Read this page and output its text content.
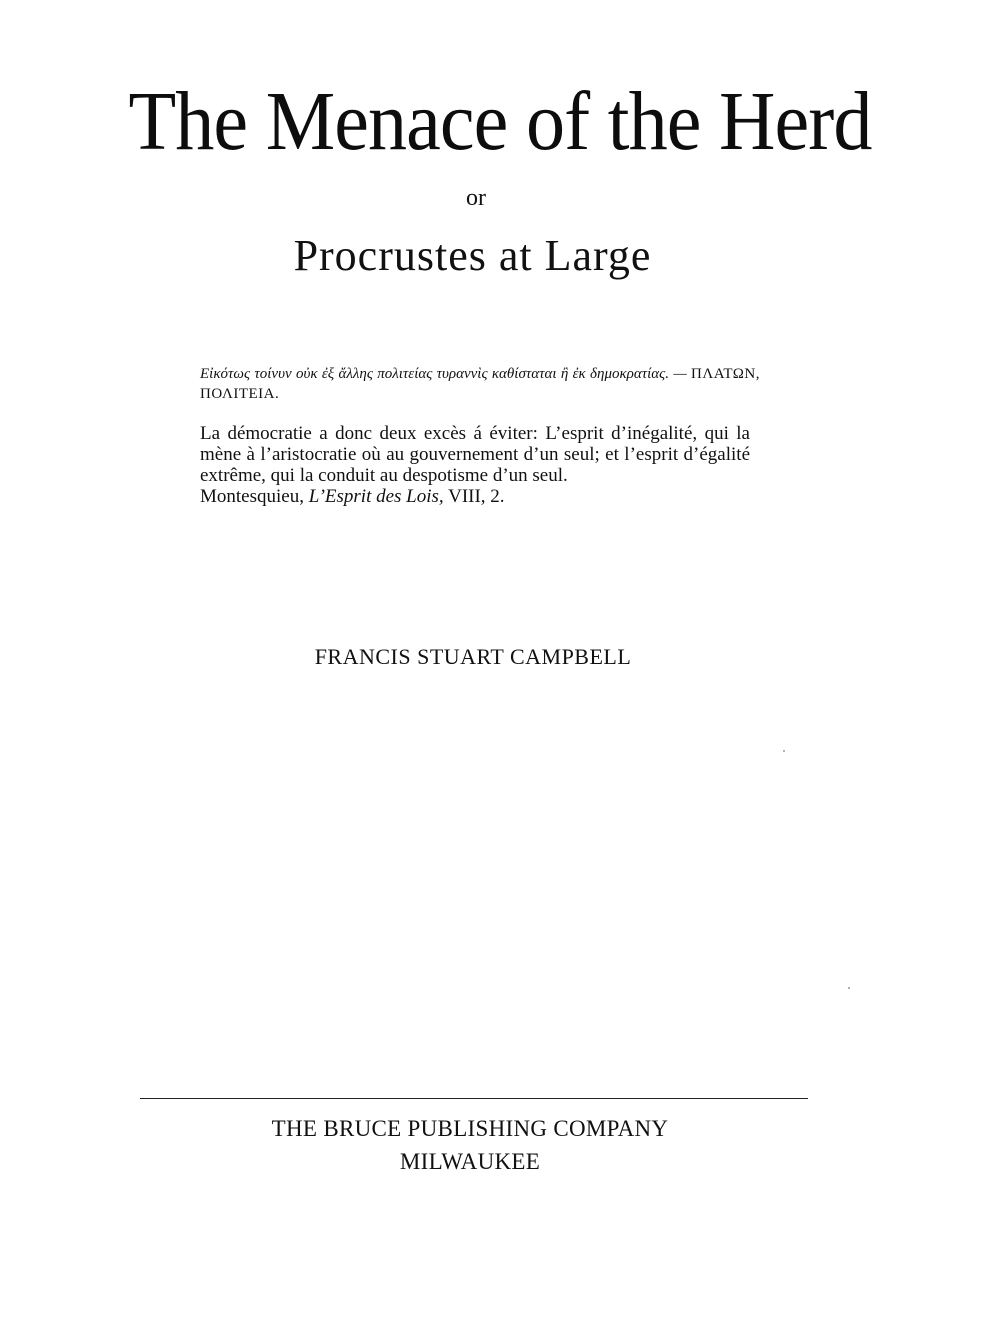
The Menace of the Herd
or
Procrustes at Large
Εἰκότως τοίνυν οὐκ ἐξ ἄλλης πολιτείας τυραννὶς καθίσταται ἢ ἐκ δημοκρατίας. — ΠΛΑΤΩΝ, ΠΟΛΙΤΕΙΑ.
La démocratie a donc deux excès á éviter: L’esprit d’inégalité, qui la mène à l’aristocratie où au gouvernement d’un seul; et l’esprit d’égalité extrême, qui la conduit au despotisme d’un seul.
Montesquieu, L’Esprit des Lois, VIII, 2.
FRANCIS STUART CAMPBELL
THE BRUCE PUBLISHING COMPANY
MILWAUKEE
